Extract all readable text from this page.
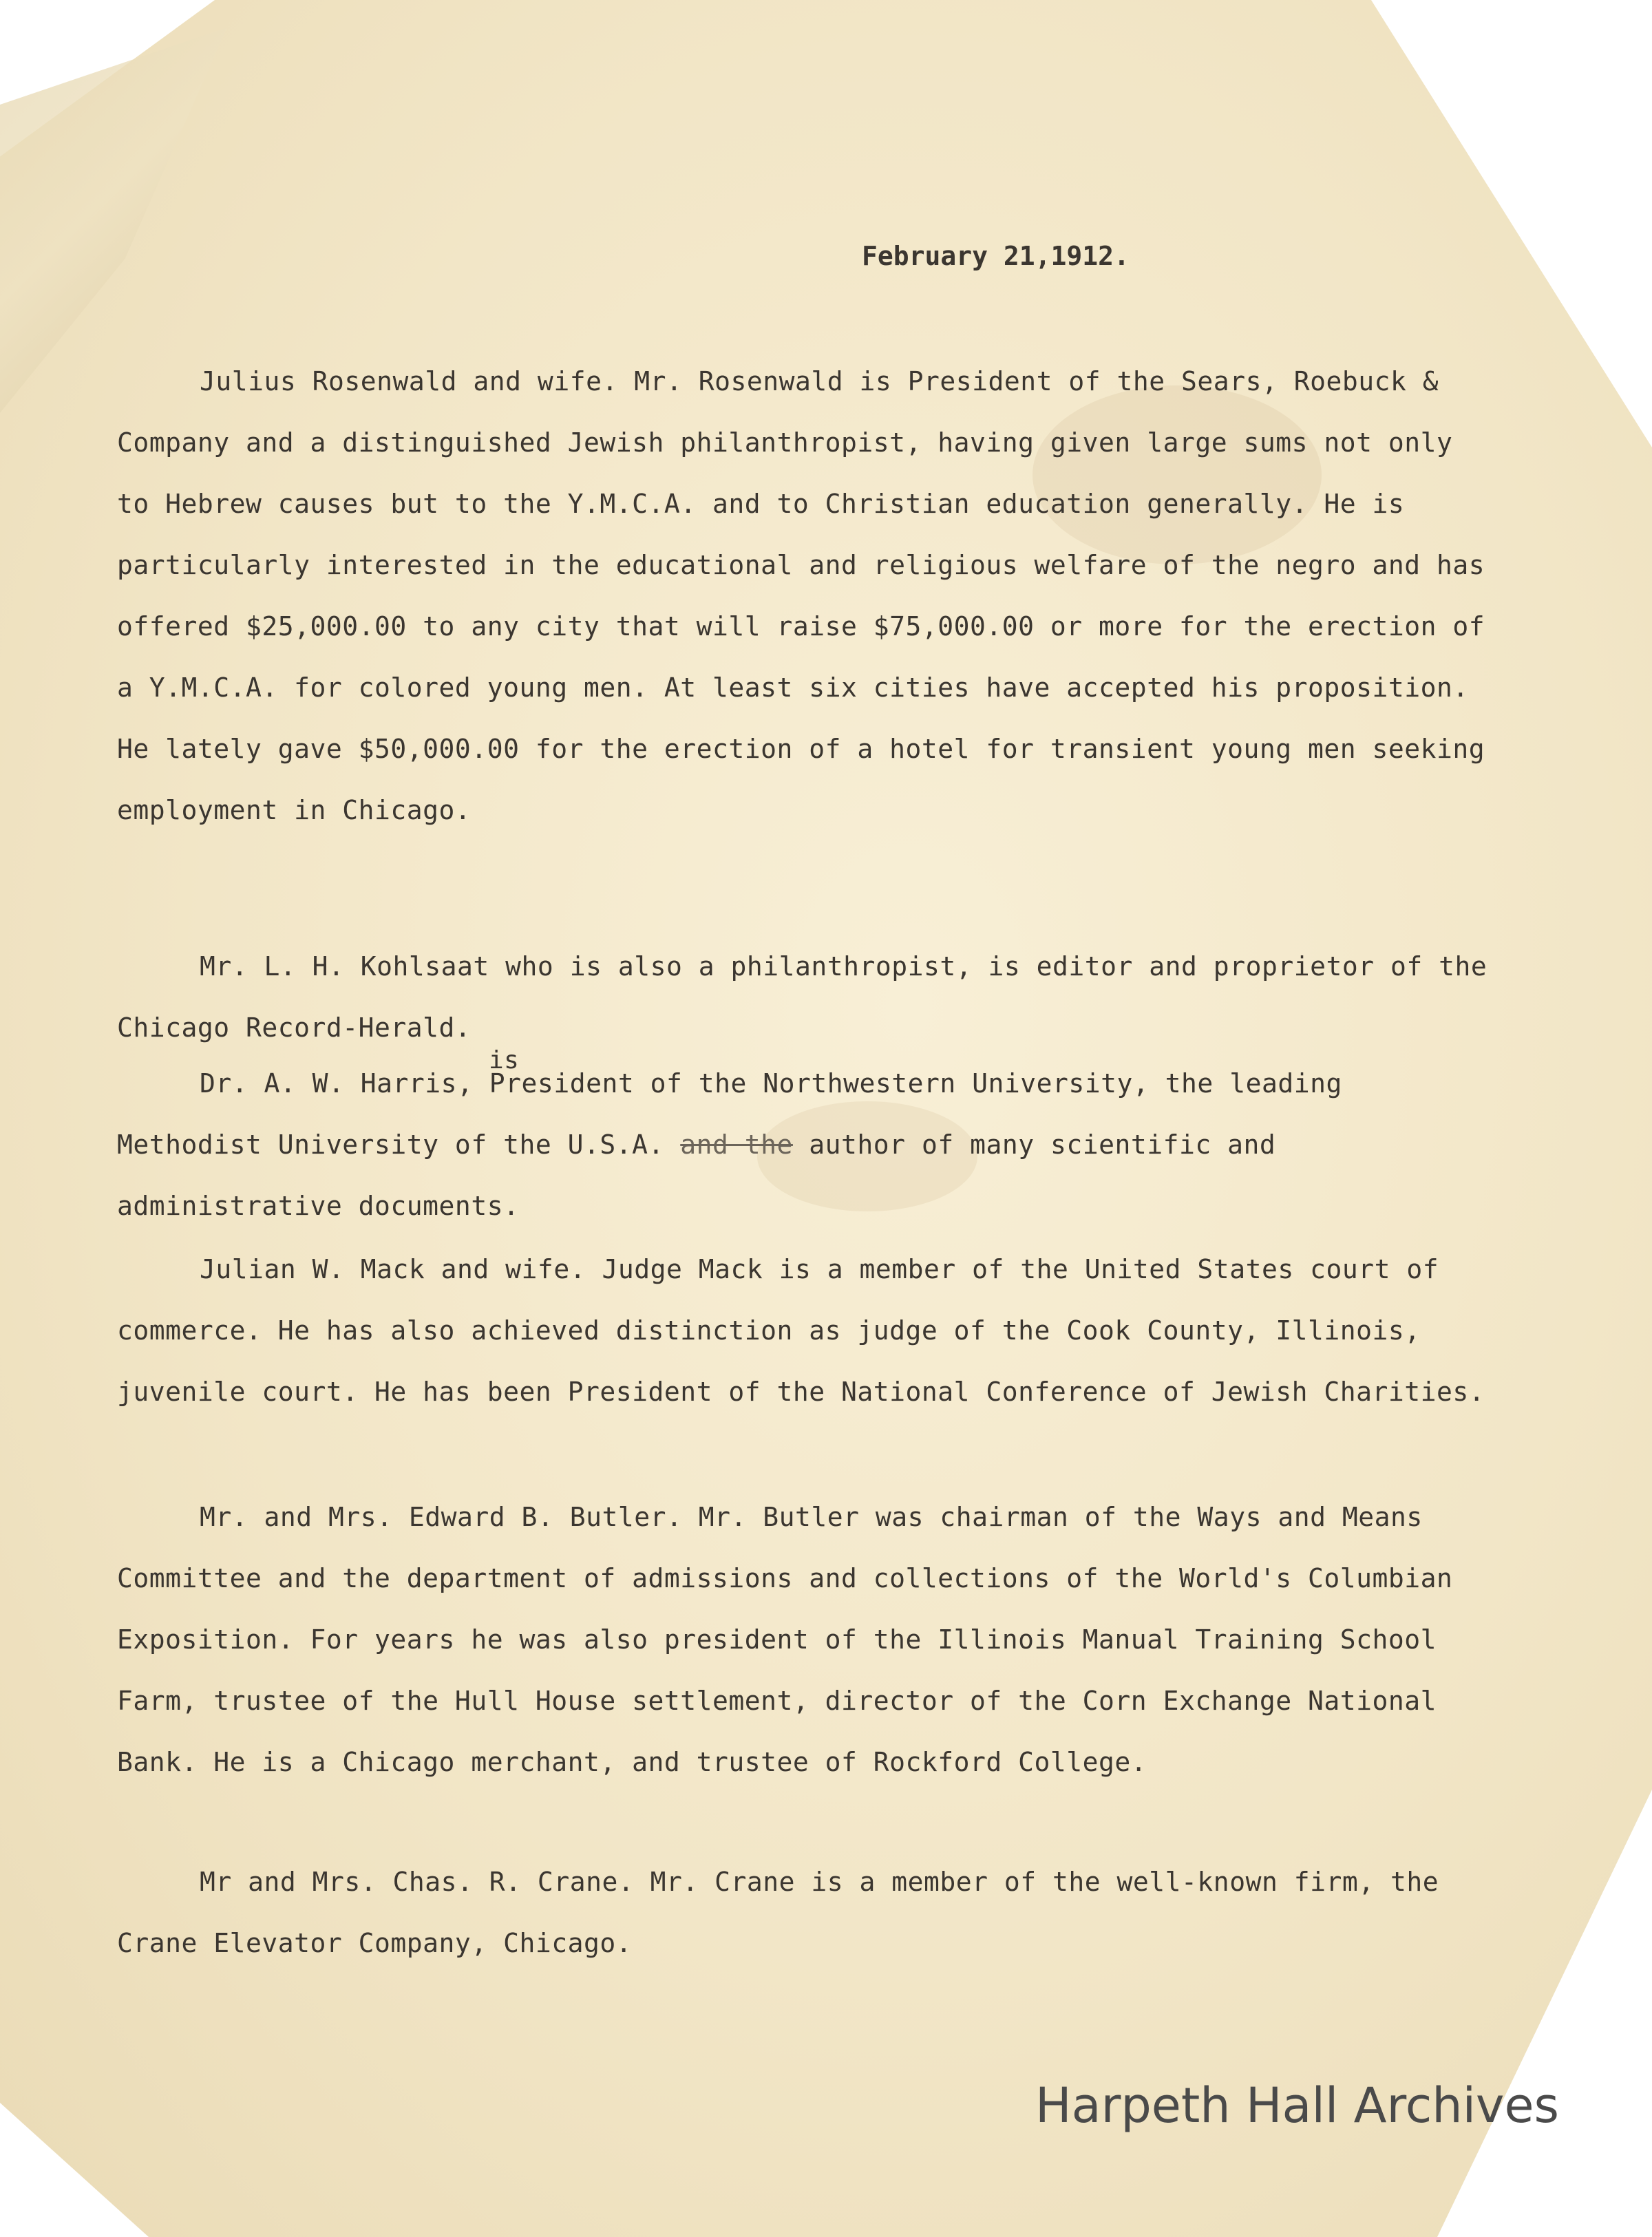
February 21,1912.

Julius Rosenwald and wife. Mr. Rosenwald is President of the Sears, Roebuck & Company and a distinguished Jewish philanthropist, having given large sums not only to Hebrew causes but to the Y.M.C.A. and to Christian education generally. He is particularly interested in the educational and religious welfare of the negro and has offered $25,000.00 to any city that will raise $75,000.00 or more for the erection of a Y.M.C.A. for colored young men. At least six cities have accepted his proposition. He lately gave $50,000.00 for the erection of a hotel for transient young men seeking employment in Chicago.

Mr. L. H. Kohlsaat who is also a philanthropist, is editor and proprietor of the Chicago Record-Herald.

Dr. A. W. Harris, President of the Northwestern University, the leading Methodist University of the U.S.A. and the author of many scientific and administrative documents.

Julian W. Mack and wife. Judge Mack is a member of the United States court of commerce. He has also achieved distinction as judge of the Cook County, Illinois, juvenile court. He has been President of the National Conference of Jewish Charities.

Mr. and Mrs. Edward B. Butler. Mr. Butler was chairman of the Ways and Means Committee and the department of admissions and collections of the World's Columbian Exposition. For years he was also president of the Illinois Manual Training School Farm, trustee of the Hull House settlement, director of the Corn Exchange National Bank. He is a Chicago merchant, and trustee of Rockford College.

Mr and Mrs. Chas. R. Crane. Mr. Crane is a member of the well-known firm, the Crane Elevator Company, Chicago.

is
Harpeth Hall Archives
